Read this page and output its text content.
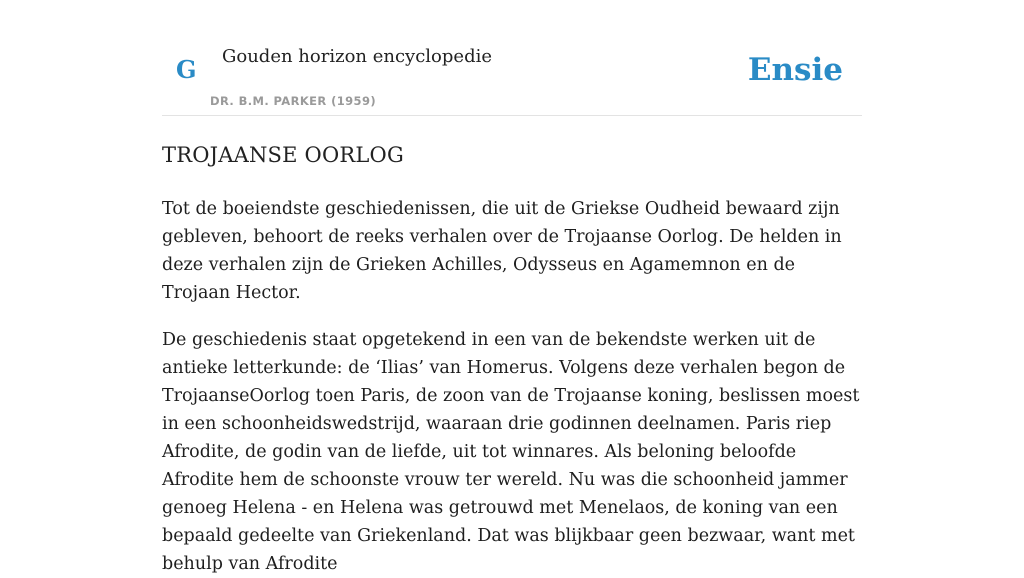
G Gouden horizon encyclopedie
DR. B.M. PARKER (1959)
Ensie
TROJAANSE OORLOG

Tot de boeiendste geschiedenissen, die uit de Griekse Oudheid bewaard zijn gebleven, behoort de reeks verhalen over de Trojaanse Oorlog. De helden in deze verhalen zijn de Grieken Achilles, Odysseus en Agamemnon en de Trojaan Hector.

De geschiedenis staat opgetekend in een van de bekendste werken uit de antieke letterkunde: de ‘Ilias’ van Homerus. Volgens deze verhalen begon de TrojaanseOorlog toen Paris, de zoon van de Trojaanse koning, beslissen moest in een schoonheidswedstrijd, waaraan drie godinnen deelnamen. Paris riep Afrodite, de godin van de liefde, uit tot winnares. Als beloning beloofde Afrodite hem de schoonste vrouw ter wereld. Nu was die schoonheid jammer genoeg Helena - en Helena was getrouwd met Menelaos, de koning van een bepaald gedeelte van Griekenland. Dat was blijkbaar geen bezwaar, want met behulp van Afrodite
